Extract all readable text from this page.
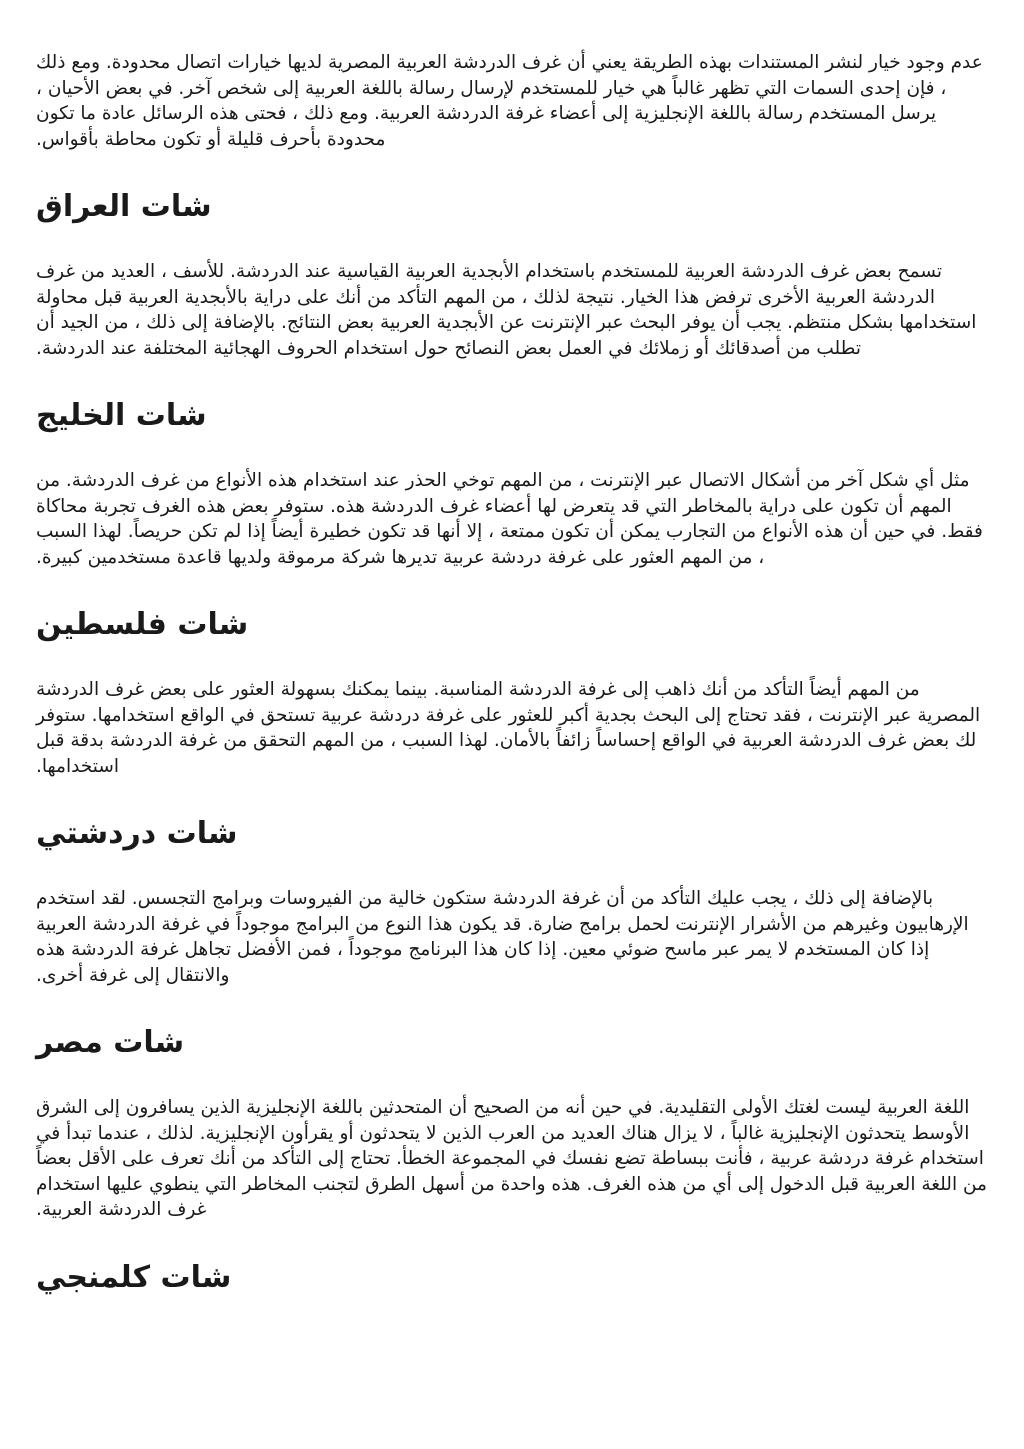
عدم وجود خيار لنشر المستندات بهذه الطريقة يعني أن غرف الدردشة العربية المصرية لديها خيارات اتصال محدودة. ومع ذلك ، فإن إحدى السمات التي تظهر غالباً هي خيار للمستخدم لإرسال رسالة باللغة العربية إلى شخص آخر. في بعض الأحيان ، يرسل المستخدم رسالة باللغة الإنجليزية إلى أعضاء غرفة الدردشة العربية. ومع ذلك ، فحتى هذه الرسائل عادة ما تكون محدودة بأحرف قليلة أو تكون محاطة بأقواس.

شات العراق

تسمح بعض غرف الدردشة العربية للمستخدم باستخدام الأبجدية العربية القياسية عند الدردشة. للأسف ، العديد من غرف الدردشة العربية الأخرى ترفض هذا الخيار. نتيجة لذلك ، من المهم التأكد من أنك على دراية بالأبجدية العربية قبل محاولة استخدامها بشكل منتظم. يجب أن يوفر البحث عبر الإنترنت عن الأبجدية العربية بعض النتائج. بالإضافة إلى ذلك ، من الجيد أن تطلب من أصدقائك أو زملائك في العمل بعض النصائح حول استخدام الحروف الهجائية المختلفة عند الدردشة.

شات الخليج

مثل أي شكل آخر من أشكال الاتصال عبر الإنترنت ، من المهم توخي الحذر عند استخدام هذه الأنواع من غرف الدردشة. من المهم أن تكون على دراية بالمخاطر التي قد يتعرض لها أعضاء غرف الدردشة هذه. ستوفر بعض هذه الغرف تجربة محاكاة فقط. في حين أن هذه الأنواع من التجارب يمكن أن تكون ممتعة ، إلا أنها قد تكون خطيرة أيضاً إذا لم تكن حريصاً. لهذا السبب ، من المهم العثور على غرفة دردشة عربية تديرها شركة مرموقة ولديها قاعدة مستخدمين كبيرة.

شات فلسطين

من المهم أيضاً التأكد من أنك ذاهب إلى غرفة الدردشة المناسبة. بينما يمكنك بسهولة العثور على بعض غرف الدردشة المصرية عبر الإنترنت ، فقد تحتاج إلى البحث بجدية أكبر للعثور على غرفة دردشة عربية تستحق في الواقع استخدامها. ستوفر لك بعض غرف الدردشة العربية في الواقع إحساساً زائفاً بالأمان. لهذا السبب ، من المهم التحقق من غرفة الدردشة بدقة قبل استخدامها.

شات دردشتي

بالإضافة إلى ذلك ، يجب عليك التأكد من أن غرفة الدردشة ستكون خالية من الفيروسات وبرامج التجسس. لقد استخدم الإرهابيون وغيرهم من الأشرار الإنترنت لحمل برامج ضارة. قد يكون هذا النوع من البرامج موجوداً في غرفة الدردشة العربية إذا كان المستخدم لا يمر عبر ماسح ضوئي معين. إذا كان هذا البرنامج موجوداً ، فمن الأفضل تجاهل غرفة الدردشة هذه والانتقال إلى غرفة أخرى.

شات مصر

اللغة العربية ليست لغتك الأولى التقليدية. في حين أنه من الصحيح أن المتحدثين باللغة الإنجليزية الذين يسافرون إلى الشرق الأوسط يتحدثون الإنجليزية غالباً ، لا يزال هناك العديد من العرب الذين لا يتحدثون أو يقرأون الإنجليزية. لذلك ، عندما تبدأ في استخدام غرفة دردشة عربية ، فأنت ببساطة تضع نفسك في المجموعة الخطأ. تحتاج إلى التأكد من أنك تعرف على الأقل بعضاً من اللغة العربية قبل الدخول إلى أي من هذه الغرف. هذه واحدة من أسهل الطرق لتجنب المخاطر التي ينطوي عليها استخدام غرف الدردشة العربية.

شات كلمنجي
